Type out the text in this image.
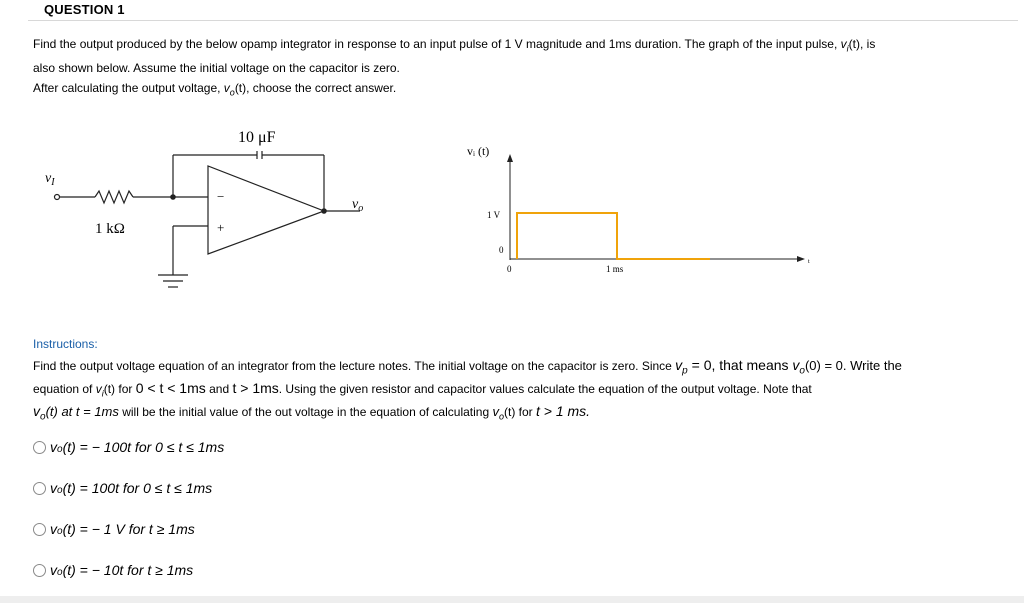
QUESTION 1
Find the output produced by the below opamp integrator in response to an input pulse of 1 V magnitude and 1ms duration. The graph of the input pulse, $v_i(t)$, is
also shown below. Assume the initial voltage on the capacitor is zero.
After calculating the output voltage, $v_o(t)$, choose the correct answer.
10 μF
$v_I$
1 kΩ
$v_o$
−
+
vᵢ (t)
1 V
0
0	1 ms
t
Instructions:
Find the output voltage equation of an integrator from the lecture notes. The initial voltage on the capacitor is zero. Since $v_p = 0$, that means $v_o(0) = 0$. Write the
equation of $v_i(t)$ for 0 < t < 1ms and t > 1ms. Using the given resistor and capacitor values calculate the equation of the output voltage. Note that
$v_o(t)$ at t = 1ms will be the initial value of the out voltage in the equation of calculating $v_o(t)$ for t > 1 ms.
v o (t) = − 100t for 0 ≤ t ≤ 1ms
v o (t) = 100t for 0 ≤ t ≤ 1ms
v o (t) = − 1 V for t ≥ 1ms
v o (t) = − 10t for t ≥ 1ms
